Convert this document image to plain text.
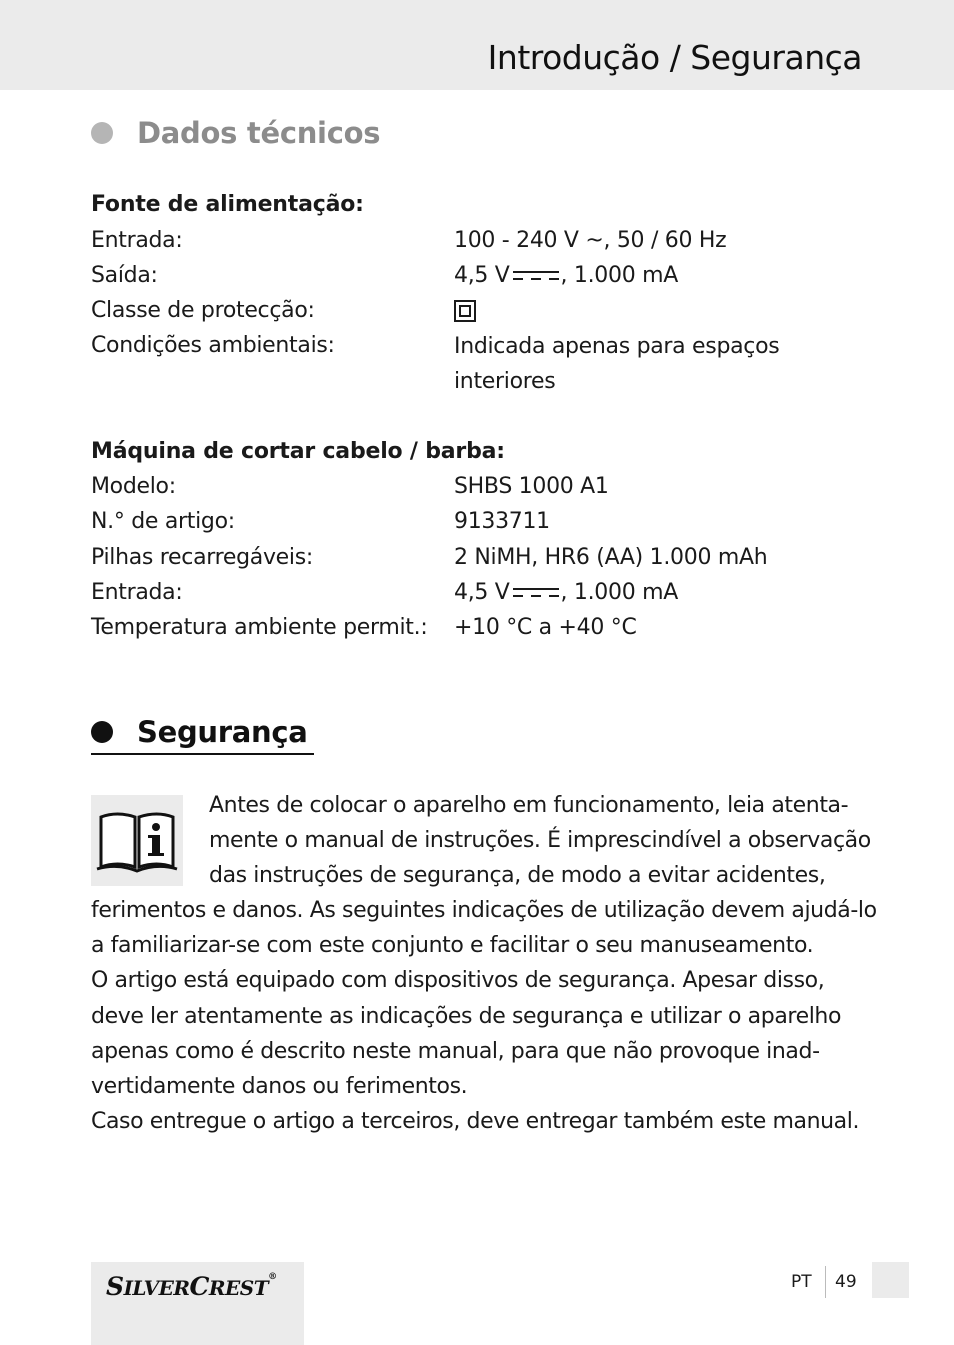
Introdução / Segurança
Dados técnicos
Fonte de alimentação:
Entrada:	100 - 240 V ~, 50 / 60 Hz
Saída:	4,5 V , 1.000 mA
Classe de protecção:
Condições ambientais:	Indicada apenas para espaços interiores
Máquina de cortar cabelo / barba:
Modelo:	SHBS 1000 A1
N.° de artigo:	9133711
Pilhas recarregáveis:	2 NiMH, HR6 (AA) 1.000 mAh
Entrada:	4,5 V , 1.000 mA
Temperatura ambiente permit.: +10 °C a +40 °C
Segurança
Antes de colocar o aparelho em funcionamento, leia atenta-
mente o manual de instruções. É imprescindível a observação
das instruções de segurança, de modo a evitar acidentes,
ferimentos e danos. As seguintes indicações de utilização devem ajudá-lo
a familiarizar-se com este conjunto e facilitar o seu manuseamento.
O artigo está equipado com dispositivos de segurança. Apesar disso,
deve ler atentamente as indicações de segurança e utilizar o aparelho
apenas como é descrito neste manual, para que não provoque inad-
vertidamente danos ou ferimentos.
Caso entregue o artigo a terceiros, deve entregar também este manual.
SILVERCREST®	PT 49
